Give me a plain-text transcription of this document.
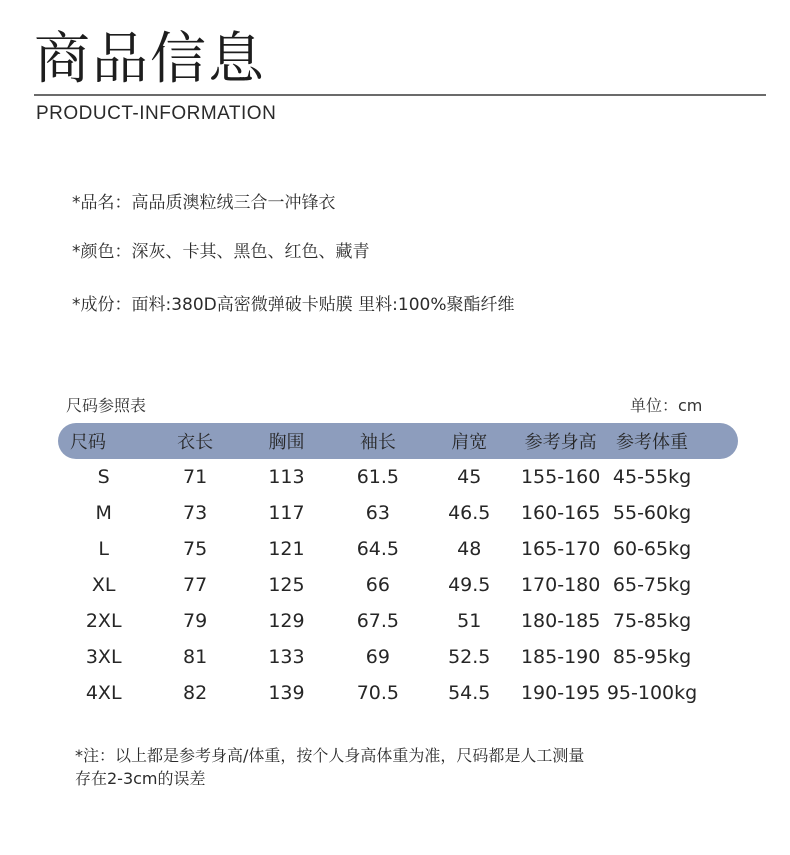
商品信息
PRODUCT-INFORMATION
*品名：高品质澳粒绒三合一冲锋衣
*颜色：深灰、卡其、黑色、红色、藏青
*成份：面料:380D高密微弹破卡贴膜 里料:100%聚酯纤维
尺码参照表	单位：cm
尺码	衣长	胸围	袖长	肩宽	参考身高	参考体重
S	71	113	61.5	45	155-160 45-55kg
M	73	117	63	46.5	160-165 55-60kg
L	75	121	64.5	48	165-170 60-65kg
XL	77	125	66	49.5	170-180 65-75kg
2XL	79	129	67.5	51	180-185 75-85kg
3XL	81	133	69	52.5	185-190 85-95kg
4XL	82	139	70.5	54.5	190-195 95-100kg
*注：以上都是参考身高/体重，按个人身高体重为准，尺码都是人工测量
存在2-3cm的误差
